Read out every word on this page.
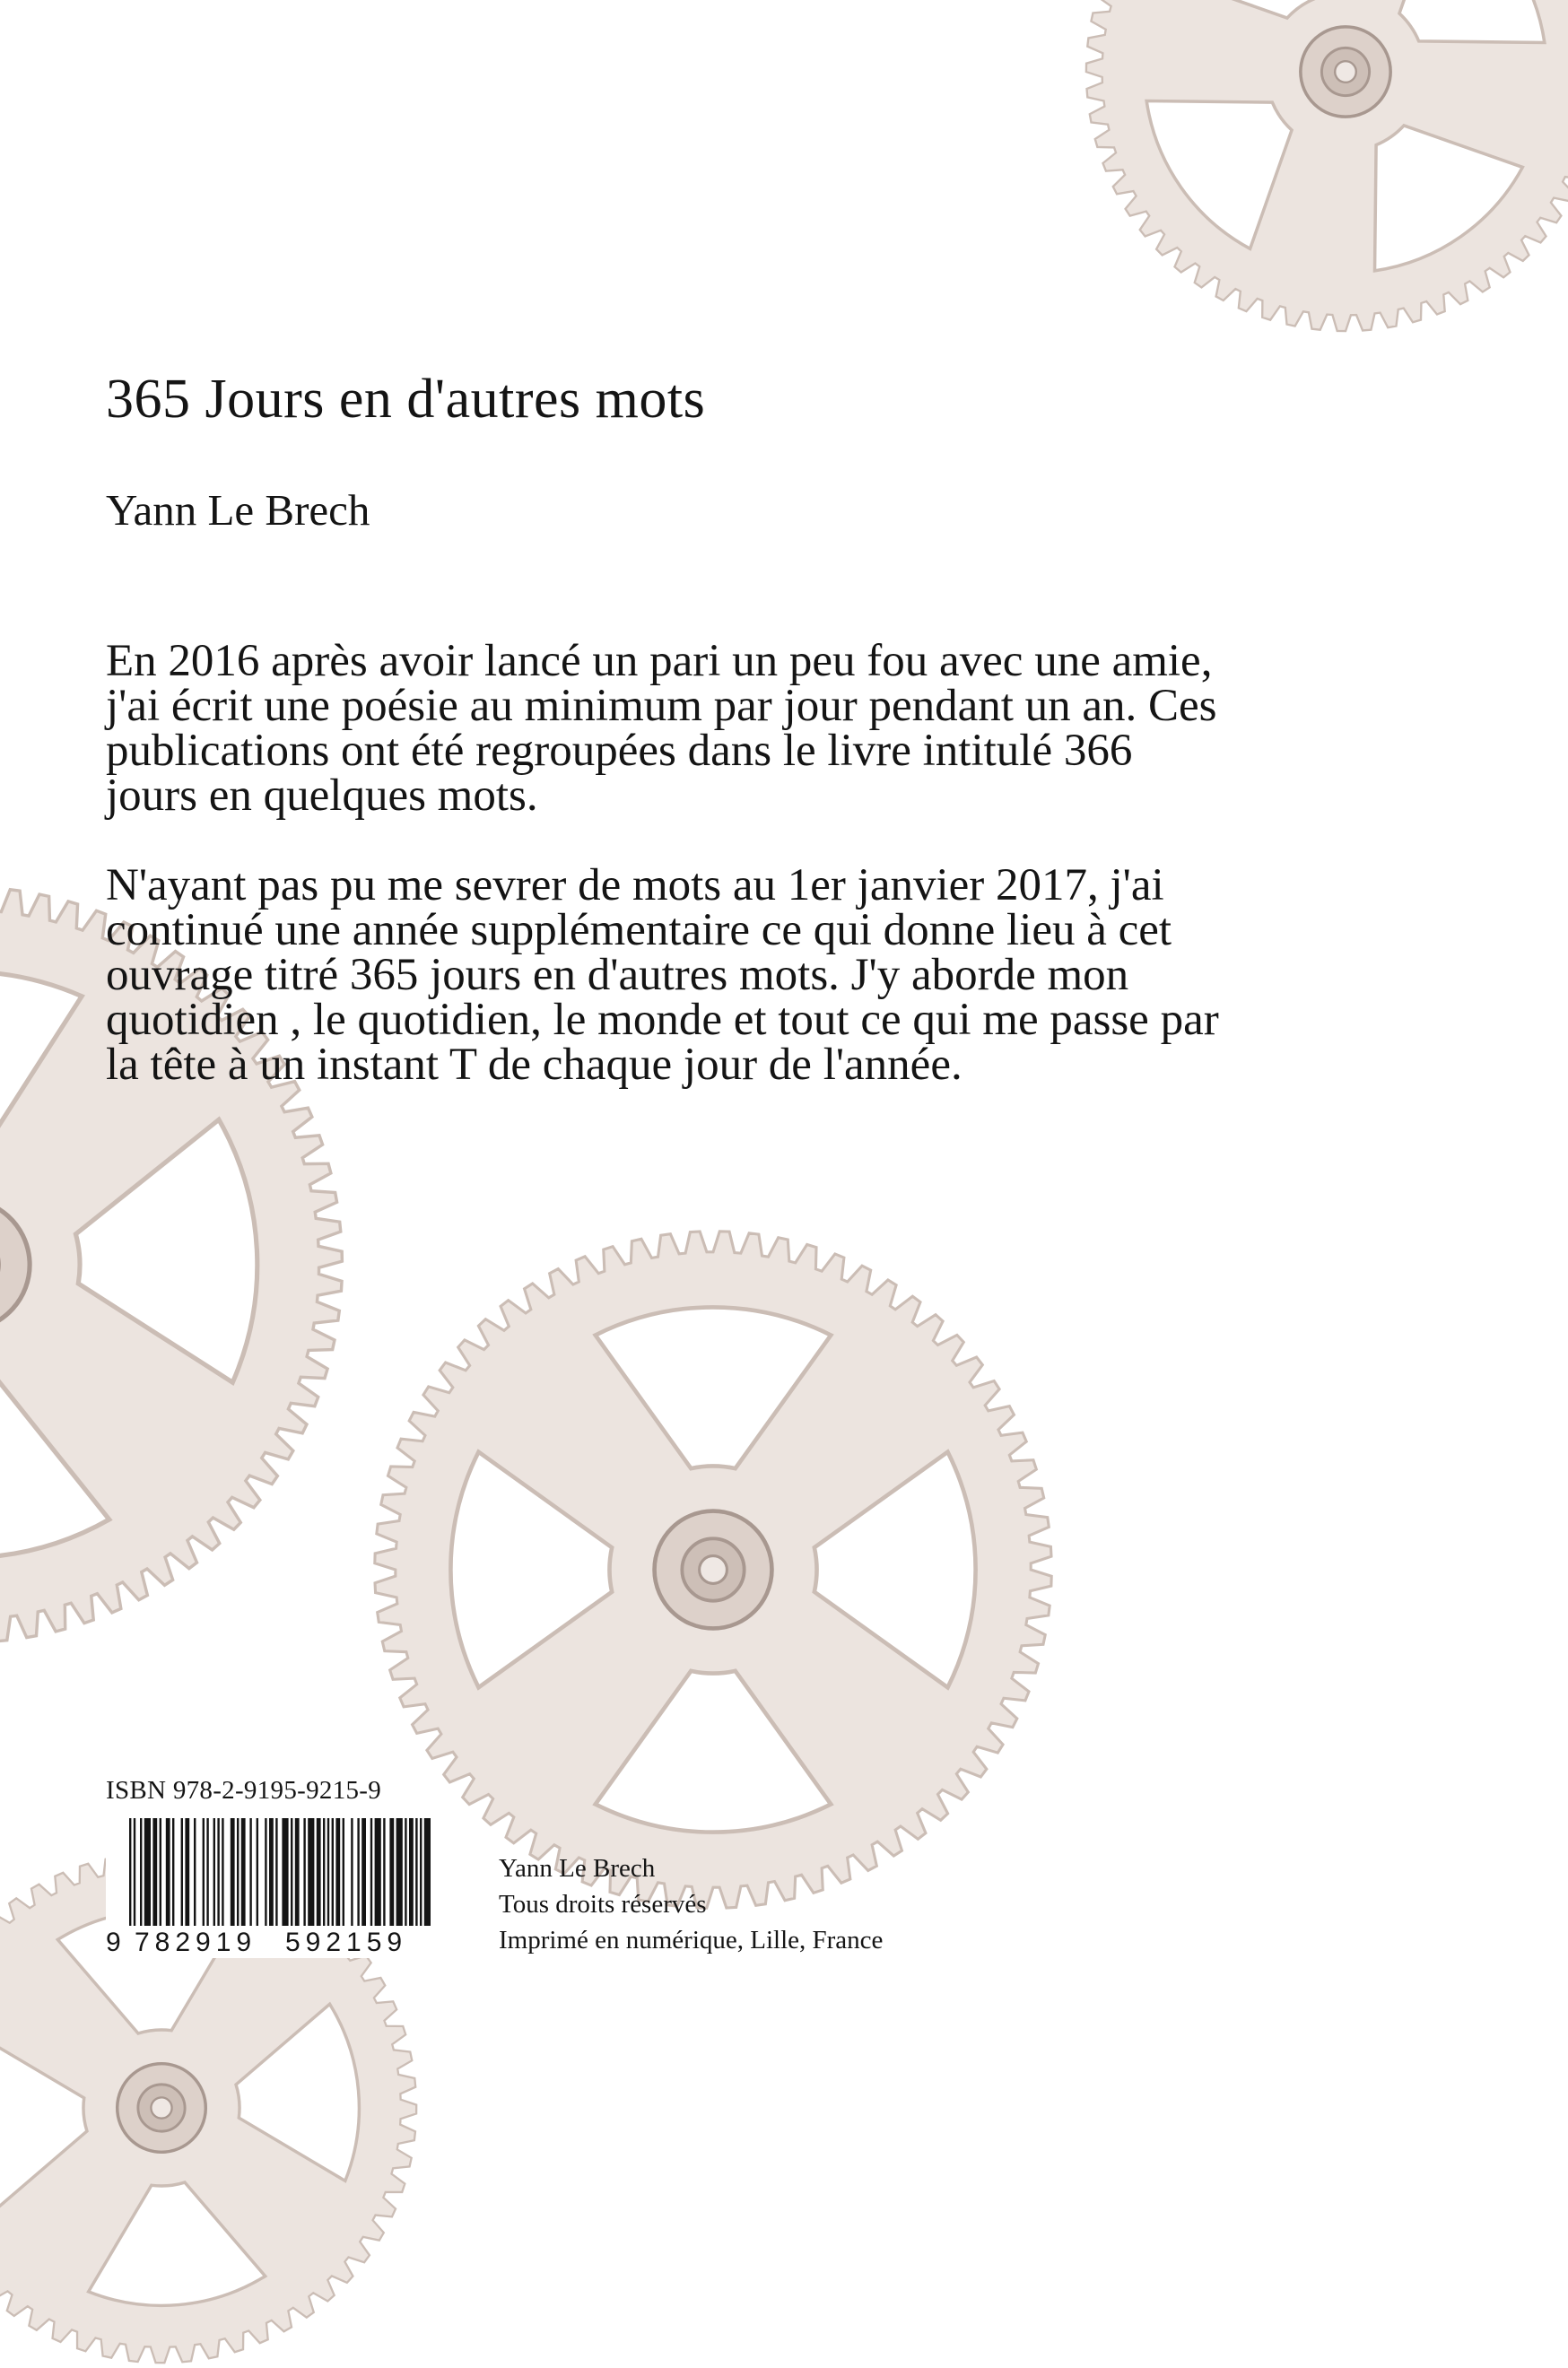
365 Jours en d'autres mots
Yann Le Brech

En 2016 après avoir lancé un pari un peu fou avec une amie, j'ai écrit une poésie au minimum par jour pendant un an. Ces publications ont été regroupées dans le livre intitulé 366 jours en quelques mots.

N'ayant pas pu me sevrer de mots au 1er janvier 2017, j'ai continué une année supplémentaire ce qui donne lieu à cet ouvrage titré 365 jours en d'autres mots. J'y aborde mon quotidien , le quotidien, le monde et tout ce qui me passe par la tête à un instant T de chaque jour de l'année.

ISBN 978-2-9195-9215-9
9 782919 592159
Yann Le Brech
Tous droits réservés
Imprimé en numérique, Lille, France
